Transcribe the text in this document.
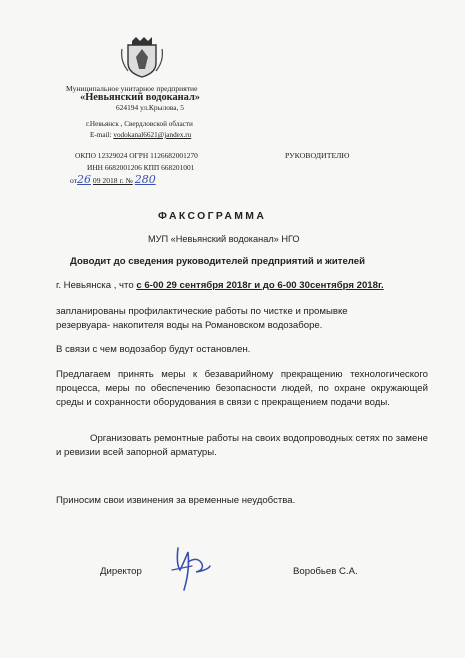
Муниципальное унитарное предприятие
«Невьянский водоканал»
624194 ул.Крылова, 5
г.Невьянск , Свердловской области
E-mail: vodokanal6621@jandex.ru
ОКПО 12329024 ОГРН 1126682001270
ИНН 6682001206 КПП 668201001
от26 09 2018 г. № 280
РУКОВОДИТЕЛЮ
ФАКСОГРАММА
МУП «Невьянский водоканал» НГО
Доводит до сведения руководителей предприятий и жителей
г. Невьянска , что с 6-00 29 сентября 2018г и до 6-00 30сентября 2018г.
запланированы профилактические работы по чистке и промывке
резервуара- накопителя воды на Романовском водозаборе.
В связи с чем водозабор будут остановлен.
Предлагаем принять меры к безаварийному прекращению технологического процесса, меры по обеспечению безопасности людей, по охране окружающей среды и сохранности оборудования в связи с прекращением подачи воды.
Организовать ремонтные работы на своих водопроводных сетях по замене и ревизии всей запорной арматуры.
Приносим свои извинения за временные неудобства.
Директор	Воробьев С.А.
